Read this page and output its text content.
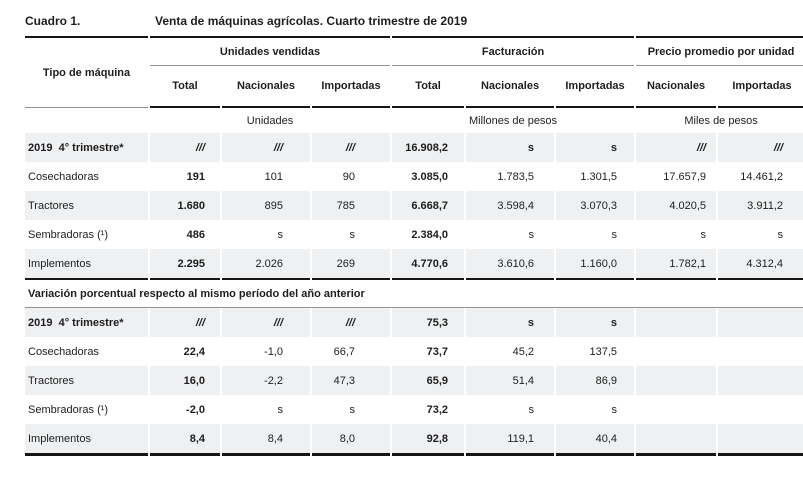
Cuadro 1.	Venta de máquinas agrícolas. Cuarto trimestre de 2019
Tipo de máquina	Unidades vendidas			Facturación			Precio promedio por unidad	
	Total	Nacionales	Importadas	Total	Nacionales	Importadas	Nacionales	Importadas
	Unidades			Millones de pesos			Miles de pesos	
2019  4° trimestre*	///	///	///	16.908,2	s	s	///	///
Cosechadoras	191	101	90	3.085,0	1.783,5	1.301,5	17.657,9	14.461,2
Tractores	1.680	895	785	6.668,7	3.598,4	3.070,3	4.020,5	3.911,2
Sembradoras (¹)	486	s	s	2.384,0	s	s	s	s
Implementos	2.295	2.026	269	4.770,6	3.610,6	1.160,0	1.782,1	4.312,4
Variación porcentual respecto al mismo período del año anterior								
2019  4° trimestre*	///	///	///	75,3	s	s		
Cosechadoras	22,4	-1,0	66,7	73,7	45,2	137,5		
Tractores	16,0	-2,2	47,3	65,9	51,4	86,9		
Sembradoras (¹)	-2,0	s	s	73,2	s	s		
Implementos	8,4	8,4	8,0	92,8	119,1	40,4		
